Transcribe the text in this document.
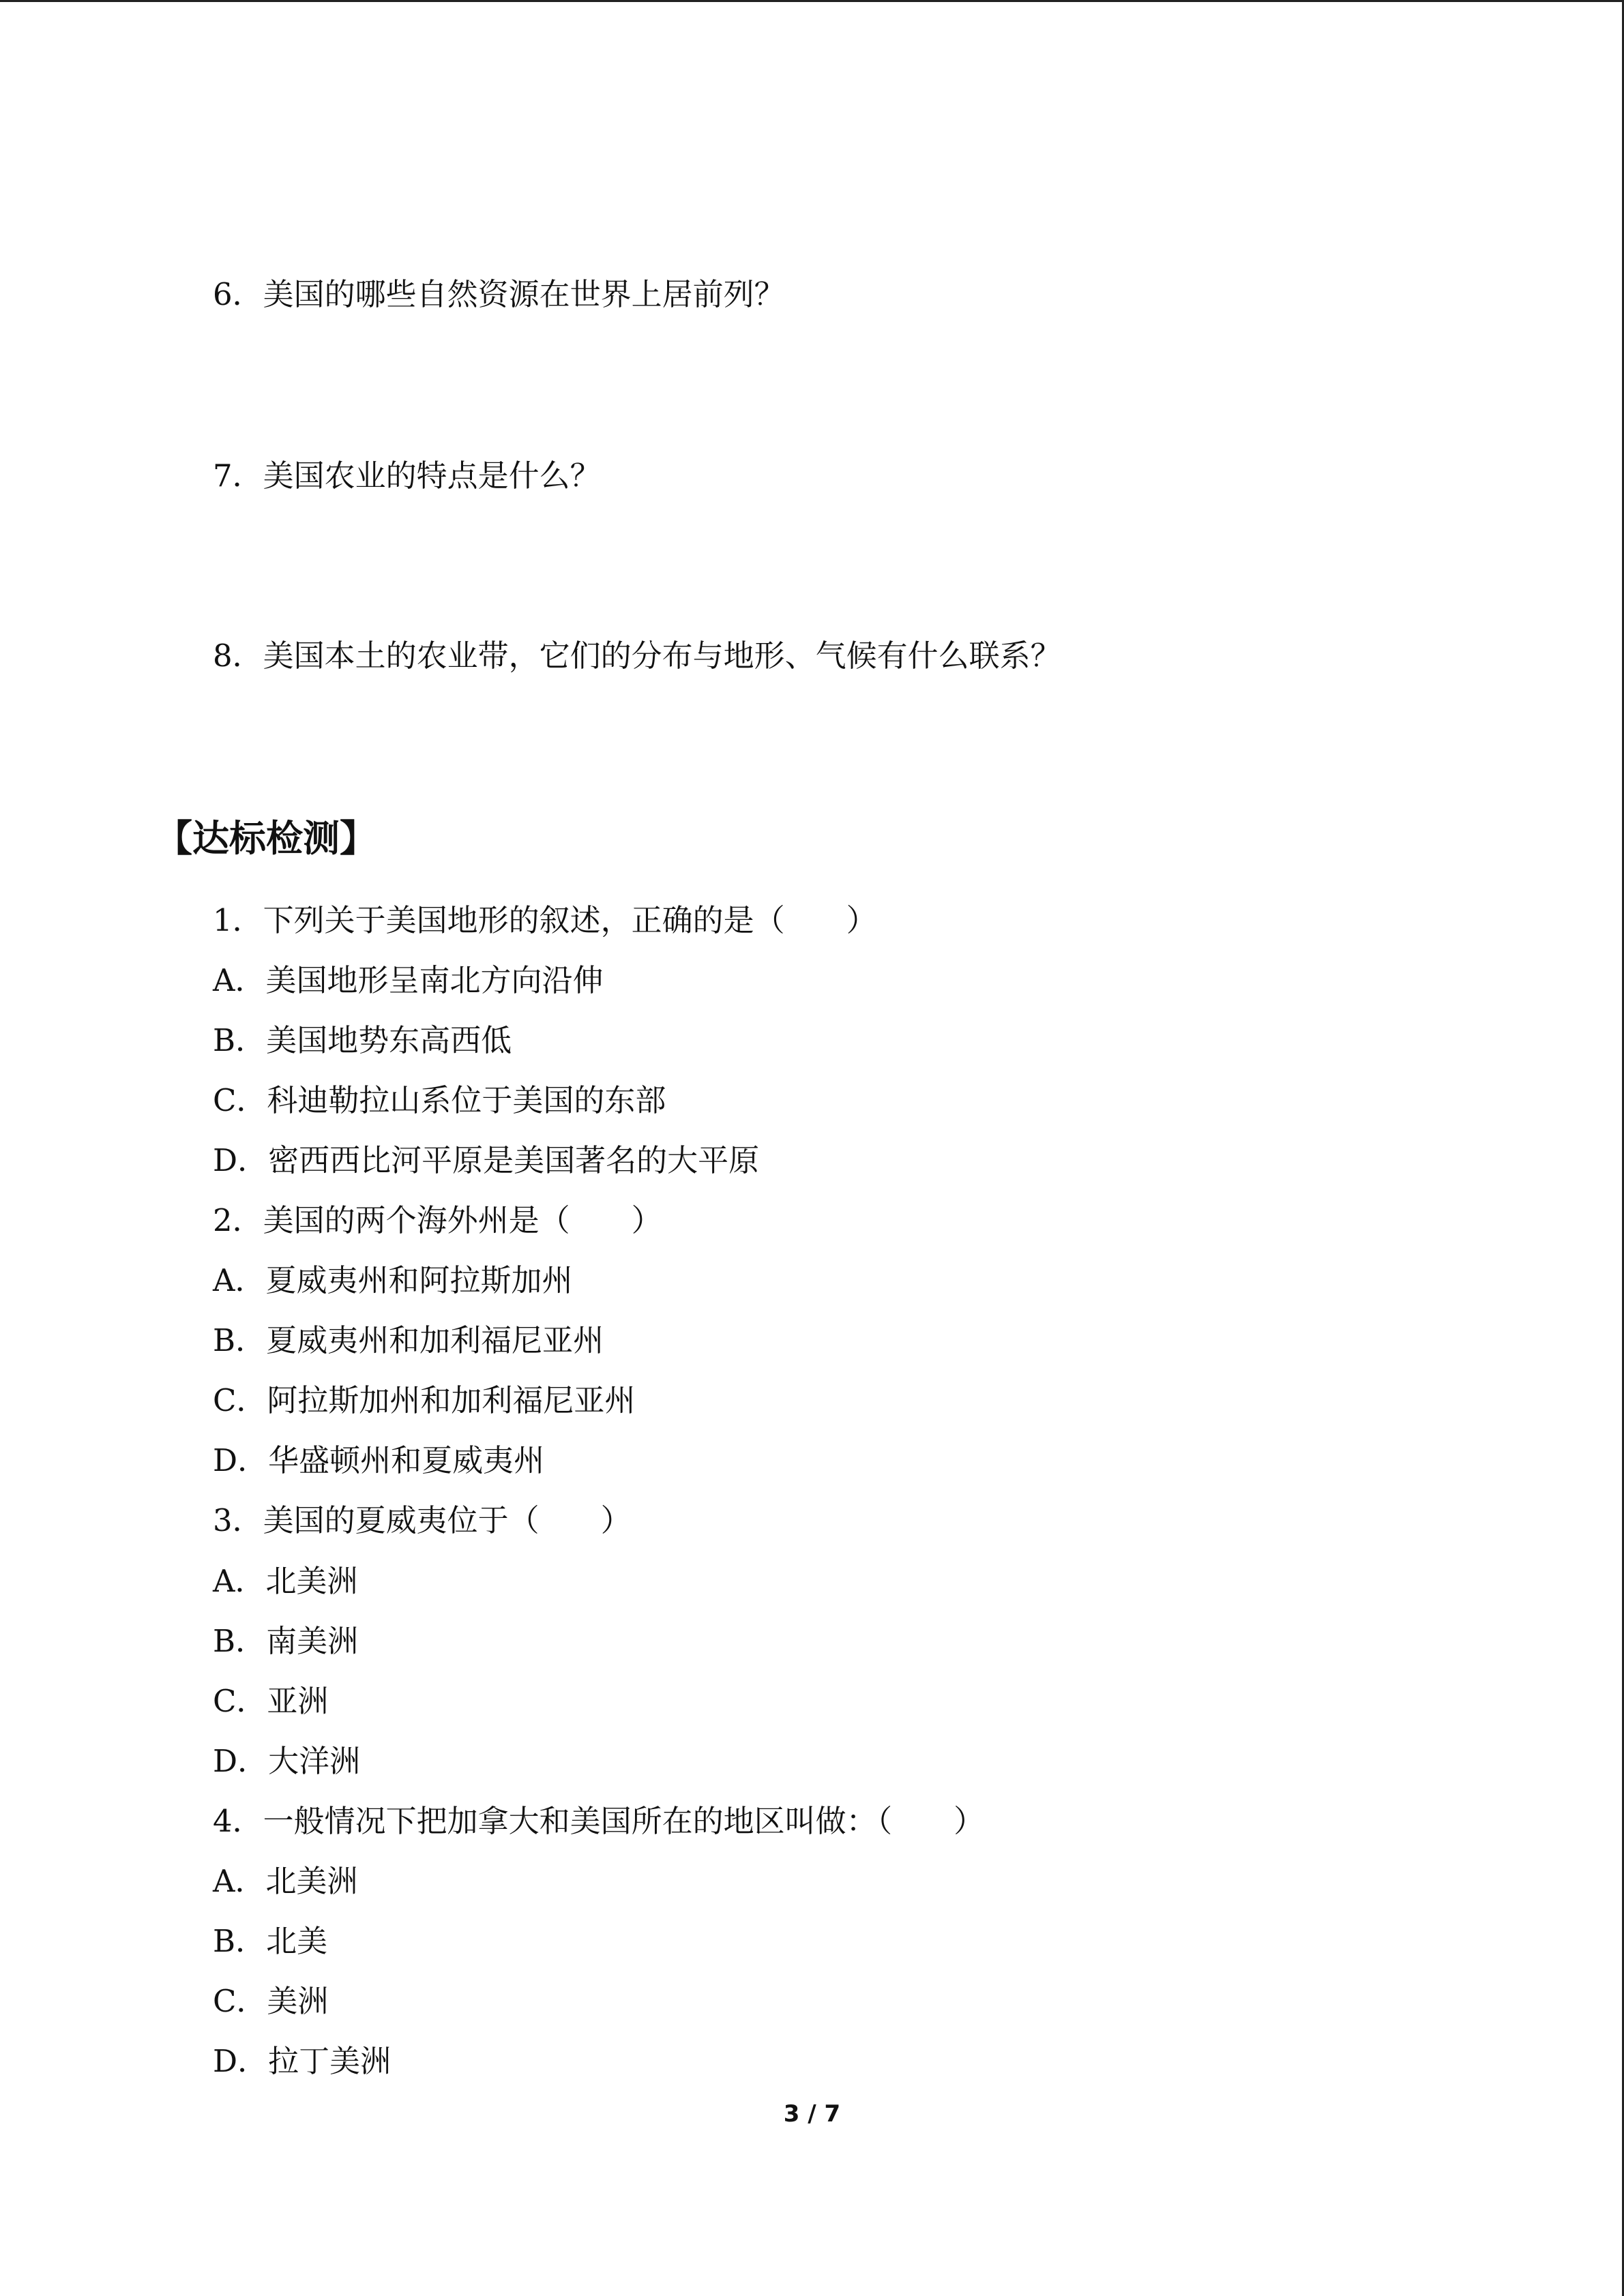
6．美国的哪些自然资源在世界上居前列？
7．美国农业的特点是什么？
8．美国本土的农业带，它们的分布与地形、气候有什么联系？
【达标检测】
1．下列关于美国地形的叙述，正确的是（　　）
A．美国地形呈南北方向沿伸
B．美国地势东高西低
C．科迪勒拉山系位于美国的东部
D．密西西比河平原是美国著名的大平原
2．美国的两个海外州是（　　）
A．夏威夷州和阿拉斯加州
B．夏威夷州和加利福尼亚州
C．阿拉斯加州和加利福尼亚州
D．华盛顿州和夏威夷州
3．美国的夏威夷位于（　　）
A．北美洲
B．南美洲
C．亚洲
D．大洋洲
4．一般情况下把加拿大和美国所在的地区叫做：（　　）
A．北美洲
B．北美
C．美洲
D．拉丁美洲
3 / 7
